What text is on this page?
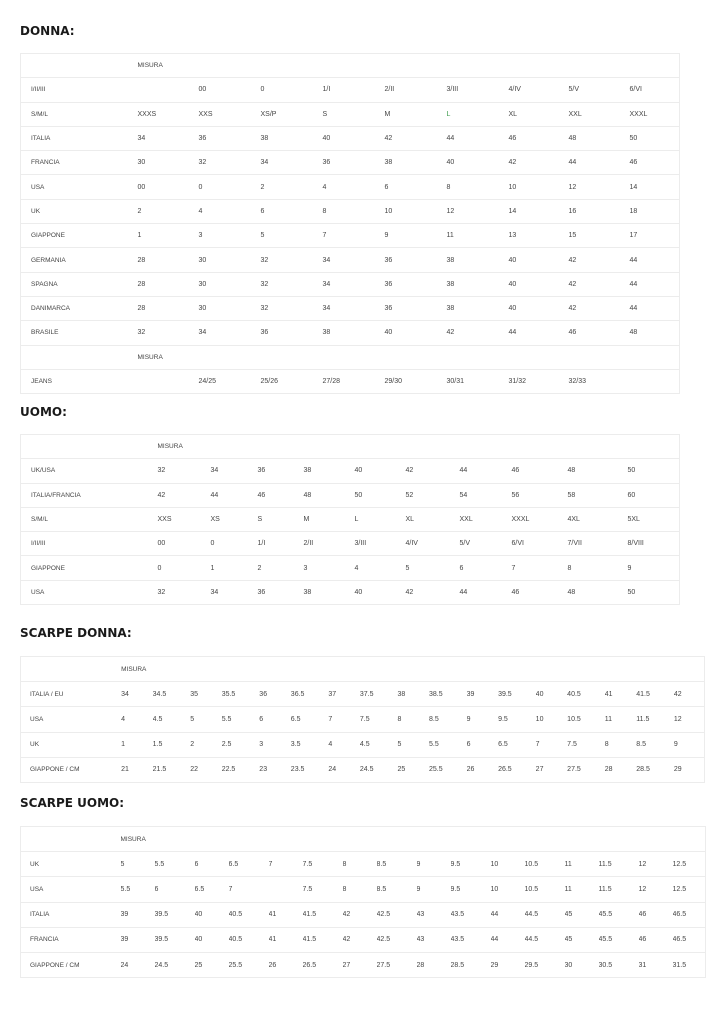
DONNA:
	MISURA								
I/II/III		00	0	1/I	2/II	3/III	4/IV	5/V	6/VI
S/M/L	XXXS	XXS	XS/P	S	M	L	XL	XXL	XXXL
ITALIA	34	36	38	40	42	44	46	48	50
FRANCIA	30	32	34	36	38	40	42	44	46
USA	00	0	2	4	6	8	10	12	14
UK	2	4	6	8	10	12	14	16	18
GIAPPONE	1	3	5	7	9	11	13	15	17
GERMANIA	28	30	32	34	36	38	40	42	44
SPAGNA	28	30	32	34	36	38	40	42	44
DANIMARCA	28	30	32	34	36	38	40	42	44
BRASILE	32	34	36	38	40	42	44	46	48
	MISURA								
JEANS		24/25	25/26	27/28	29/30	30/31	31/32	32/33	
UOMO:
	MISURA									
UK/USA	32	34	36	38	40	42	44	46	48	50
ITALIA/FRANCIA	42	44	46	48	50	52	54	56	58	60
S/M/L	XXS	XS	S	M	L	XL	XXL	XXXL	4XL	5XL
I/II/III	00	0	1/I	2/II	3/III	4/IV	5/V	6/VI	7/VII	8/VIII
GIAPPONE	0	1	2	3	4	5	6	7	8	9
USA	32	34	36	38	40	42	44	46	48	50
SCARPE DONNA:
	MISURA																
ITALIA / EU	34	34.5	35	35.5	36	36.5	37	37.5	38	38.5	39	39.5	40	40.5	41	41.5	42
USA	4	4.5	5	5.5	6	6.5	7	7.5	8	8.5	9	9.5	10	10.5	11	11.5	12
UK	1	1.5	2	2.5	3	3.5	4	4.5	5	5.5	6	6.5	7	7.5	8	8.5	9
GIAPPONE / CM	21	21.5	22	22.5	23	23.5	24	24.5	25	25.5	26	26.5	27	27.5	28	28.5	29
SCARPE UOMO:
	MISURA																
UK	5	5.5	6	6.5	7	7.5	8	8.5	9	9.5	10	10.5	11	11.5	12	12.5	
USA	5.5	6	6.5	7		7.5	8	8.5	9	9.5	10	10.5	11	11.5	12	12.5	
ITALIA	39	39.5	40	40.5	41	41.5	42	42.5	43	43.5	44	44.5	45	45.5	46	46.5	
FRANCIA	39	39.5	40	40.5	41	41.5	42	42.5	43	43.5	44	44.5	45	45.5	46	46.5	
GIAPPONE / CM	24	24.5	25	25.5	26	26.5	27	27.5	28	28.5	29	29.5	30	30.5	31	31.5	
